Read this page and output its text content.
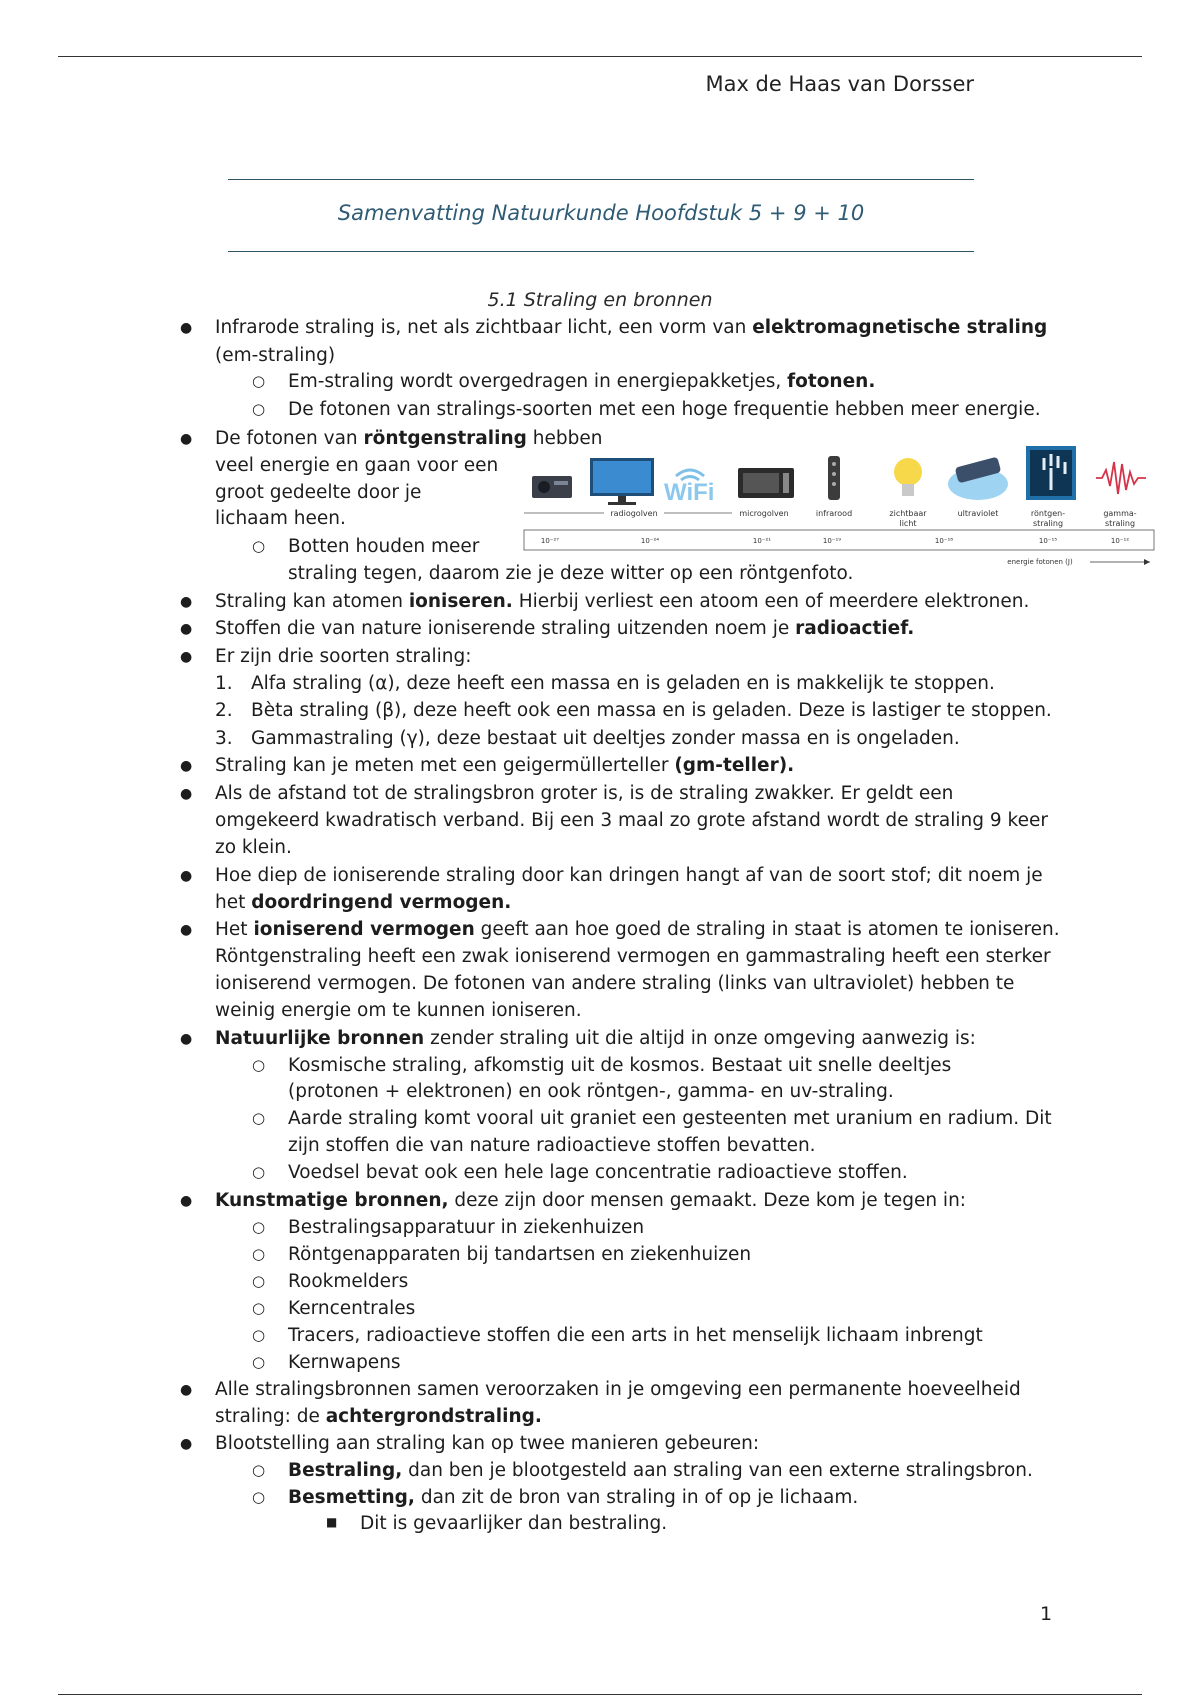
Max de Haas van Dorsser
Samenvatting Natuurkunde Hoofdstuk 5 + 9 + 10
5.1 Straling en bronnen
● Infrarode straling is, net als zichtbaar licht, een vorm van elektromagnetische straling
(em-straling)
○ Em-straling wordt overgedragen in energiepakketjes, fotonen.
○ De fotonen van stralings-soorten met een hoge frequentie hebben meer energie.
● De fotonen van röntgenstraling hebben
veel energie en gaan voor een
groot gedeelte door je
lichaam heen.
○ Botten houden meer
straling tegen, daarom zie je deze witter op een röntgenfoto.
WiFi
radiogolven	microgolven	infrarood	zichtbaar
licht
ultraviolet	röntgen-
straling
gamma-
straling
10⁻²⁷	10⁻²⁴	10⁻²¹	10⁻¹⁹	10⁻¹⁸	10⁻¹⁵	10⁻¹²
energie fotonen (J)
● Straling kan atomen ioniseren. Hierbij verliest een atoom een of meerdere elektronen.
● Stoffen die van nature ioniserende straling uitzenden noem je radioactief.
● Er zijn drie soorten straling:
1. Alfa straling (α), deze heeft een massa en is geladen en is makkelijk te stoppen.
2. Bèta straling (β), deze heeft ook een massa en is geladen. Deze is lastiger te stoppen.
3. Gammastraling (γ), deze bestaat uit deeltjes zonder massa en is ongeladen.
● Straling kan je meten met een geigermüllerteller (gm-teller).
● Als de afstand tot de stralingsbron groter is, is de straling zwakker. Er geldt een
omgekeerd kwadratisch verband. Bij een 3 maal zo grote afstand wordt de straling 9 keer
zo klein.
● Hoe diep de ioniserende straling door kan dringen hangt af van de soort stof; dit noem je
het doordringend vermogen.
● Het ioniserend vermogen geeft aan hoe goed de straling in staat is atomen te ioniseren.
Röntgenstraling heeft een zwak ioniserend vermogen en gammastraling heeft een sterker
ioniserend vermogen. De fotonen van andere straling (links van ultraviolet) hebben te
weinig energie om te kunnen ioniseren.
● Natuurlijke bronnen zender straling uit die altijd in onze omgeving aanwezig is:
○ Kosmische straling, afkomstig uit de kosmos. Bestaat uit snelle deeltjes
(protonen + elektronen) en ook röntgen-, gamma- en uv-straling.
○ Aarde straling komt vooral uit graniet een gesteenten met uranium en radium. Dit
zijn stoffen die van nature radioactieve stoffen bevatten.
○ Voedsel bevat ook een hele lage concentratie radioactieve stoffen.
● Kunstmatige bronnen, deze zijn door mensen gemaakt. Deze kom je tegen in:
○ Bestralingsapparatuur in ziekenhuizen
○ Röntgenapparaten bij tandartsen en ziekenhuizen
○ Rookmelders
○ Kerncentrales
○ Tracers, radioactieve stoffen die een arts in het menselijk lichaam inbrengt
○ Kernwapens
● Alle stralingsbronnen samen veroorzaken in je omgeving een permanente hoeveelheid
straling: de achtergrondstraling.
● Blootstelling aan straling kan op twee manieren gebeuren:
○ Bestraling, dan ben je blootgesteld aan straling van een externe stralingsbron.
○ Besmetting, dan zit de bron van straling in of op je lichaam.
■ Dit is gevaarlijker dan bestraling.
1
